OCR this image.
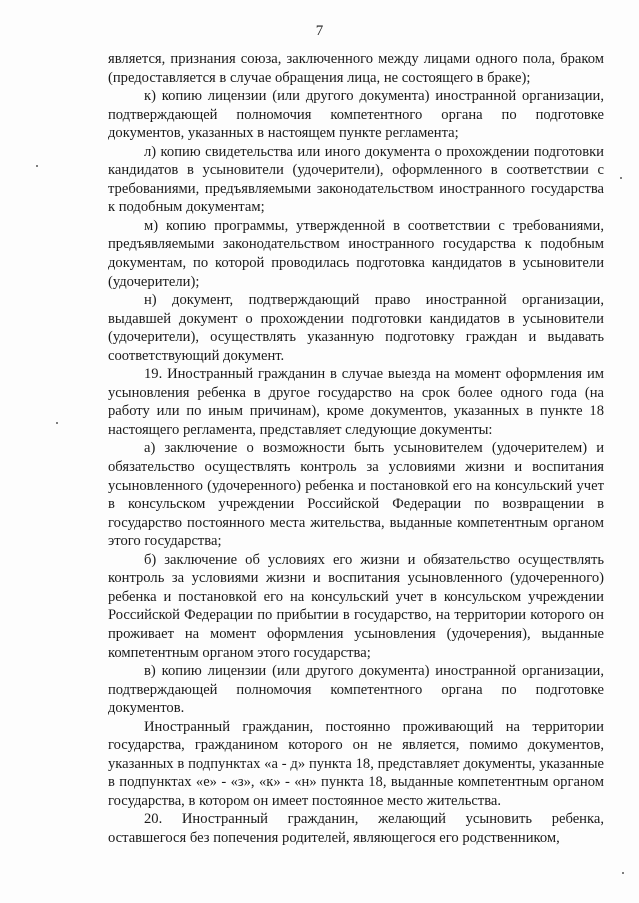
7

является, признания союза, заключенного между лицами одного пола, браком (предоставляется в случае обращения лица, не состоящего в браке);

к) копию лицензии (или другого документа) иностранной организации, подтверждающей полномочия компетентного органа по подготовке документов, указанных в настоящем пункте регламента;

л) копию свидетельства или иного документа о прохождении подготовки кандидатов в усыновители (удочерители), оформленного в соответствии с требованиями, предъявляемыми законодательством иностранного государства к подобным документам;

м) копию программы, утвержденной в соответствии с требованиями, предъявляемыми законодательством иностранного государства к подобным документам, по которой проводилась подготовка кандидатов в усыновители (удочерители);

н) документ, подтверждающий право иностранной организации, выдавшей документ о прохождении подготовки кандидатов в усыновители (удочерители), осуществлять указанную подготовку граждан и выдавать соответствующий документ.

19. Иностранный гражданин в случае выезда на момент оформления им усыновления ребенка в другое государство на срок более одного года (на работу или по иным причинам), кроме документов, указанных в пункте 18 настоящего регламента, представляет следующие документы:

а) заключение о возможности быть усыновителем (удочерителем) и обязательство осуществлять контроль за условиями жизни и воспитания усыновленного (удочеренного) ребенка и постановкой его на консульский учет в консульском учреждении Российской Федерации по возвращении в государство постоянного места жительства, выданные компетентным органом этого государства;

б) заключение об условиях его жизни и обязательство осуществлять контроль за условиями жизни и воспитания усыновленного (удочеренного) ребенка и постановкой его на консульский учет в консульском учреждении Российской Федерации по прибытии в государство, на территории которого он проживает на момент оформления усыновления (удочерения), выданные компетентным органом этого государства;

в) копию лицензии (или другого документа) иностранной организации, подтверждающей полномочия компетентного органа по подготовке документов.

Иностранный гражданин, постоянно проживающий на территории государства, гражданином которого он не является, помимо документов, указанных в подпунктах «а - д» пункта 18, представляет документы, указанные в подпунктах «е» - «з», «к» - «н» пункта 18, выданные компетентным органом государства, в котором он имеет постоянное место жительства.

20. Иностранный гражданин, желающий усыновить ребенка, оставшегося без попечения родителей, являющегося его родственником,
